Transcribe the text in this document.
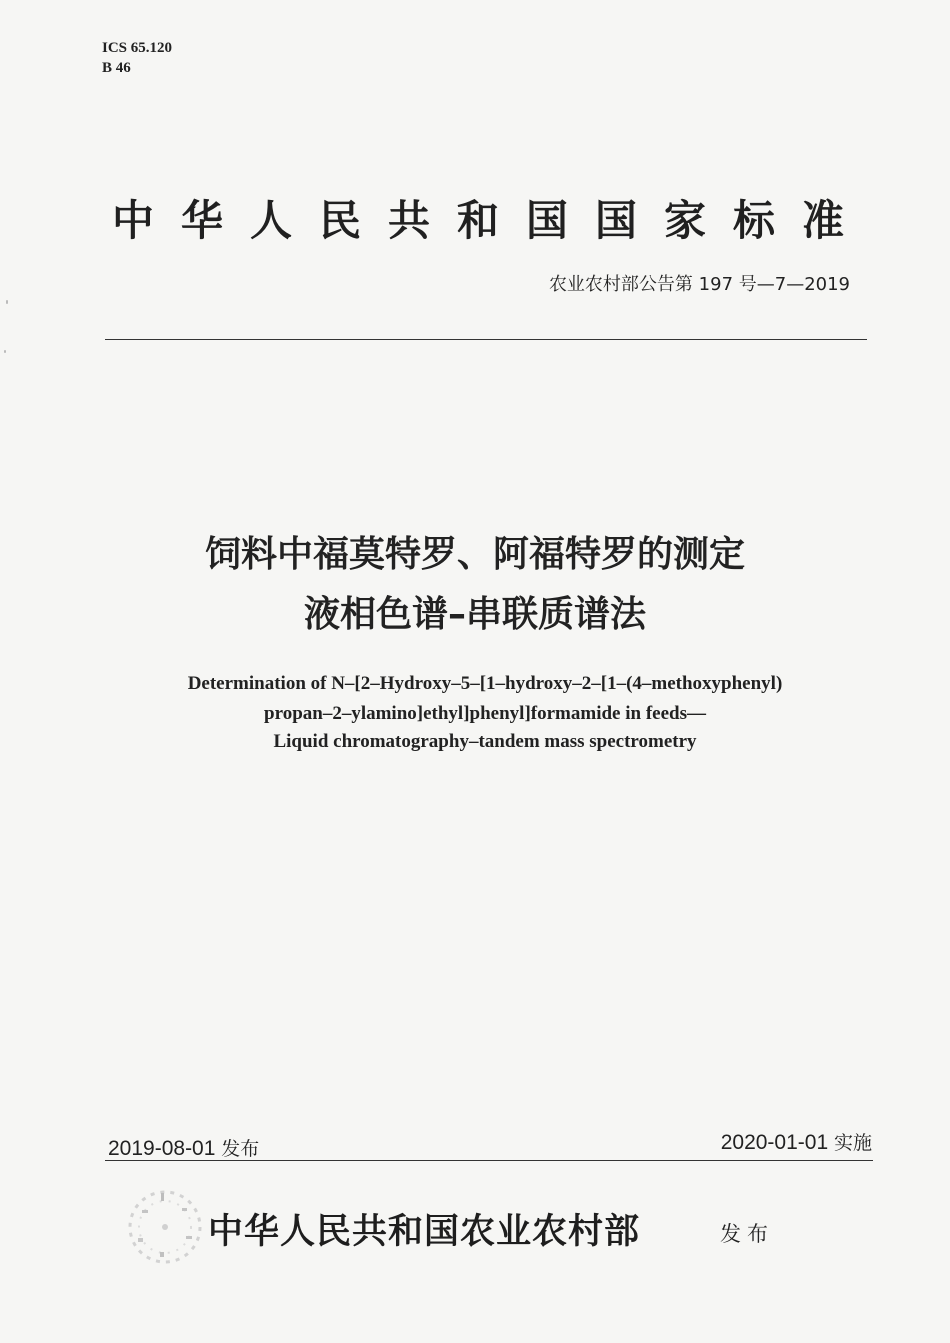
ICS 65.120
B 46
中华人民共和国国家标准
农业农村部公告第 197 号—7—2019
饲料中福莫特罗、阿福特罗的测定
液相色谱–串联质谱法
Determination of N–[2–Hydroxy–5–[1–hydroxy–2–[1–(4–methoxyphenyl)
propan–2–ylamino]ethyl]phenyl]formamide in feeds—
Liquid chromatography–tandem mass spectrometry
2019-08-01 发布	2020-01-01 实施
中华人民共和国农业农村部	发布
